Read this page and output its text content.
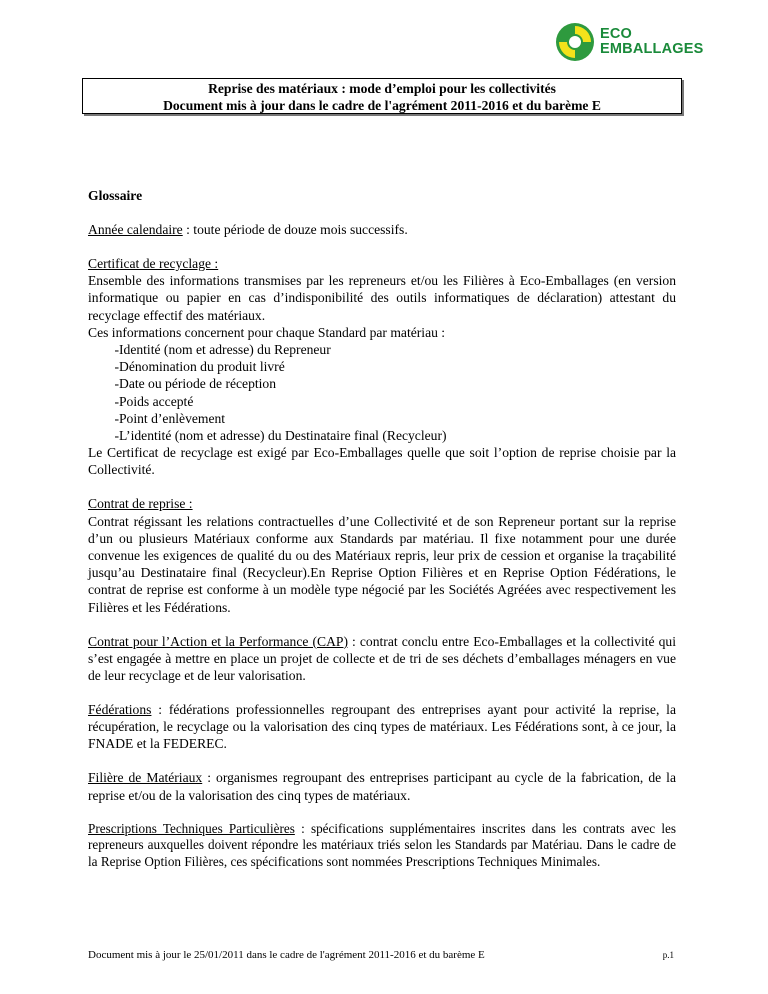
ECO
EMBALLAGES
Reprise des matériaux : mode d’emploi pour les collectivités
Document mis à jour dans le cadre de l'agrément 2011-2016 et du barème E

Glossaire

Année calendaire : toute période de douze mois successifs.

Certificat de recyclage :

Ensemble des informations transmises par les repreneurs et/ou les Filières à Eco-Emballages (en version informatique ou papier en cas d’indisponibilité des outils informatiques de déclaration) attestant du recyclage effectif des matériaux.

Ces informations concernent pour chaque Standard par matériau :

- Identité (nom et adresse) du Repreneur
- Dénomination du produit livré
- Date ou période de réception
- Poids accepté
- Point d’enlèvement
- L’identité (nom et adresse) du Destinataire final (Recycleur)

Le Certificat de recyclage est exigé par Eco-Emballages quelle que soit l’option de reprise choisie par la Collectivité.

Contrat de reprise :

Contrat régissant les relations contractuelles d’une Collectivité et de son Repreneur portant sur la reprise d’un ou plusieurs Matériaux conforme aux Standards par matériau. Il fixe notamment pour une durée convenue les exigences de qualité du ou des Matériaux repris, leur prix de cession et organise la traçabilité jusqu’au Destinataire final (Recycleur).En Reprise Option Filières et en Reprise Option Fédérations, le contrat de reprise est conforme à un modèle type négocié par les Sociétés Agréées avec respectivement les Filières et les Fédérations.

Contrat pour l’Action et la Performance (CAP) : contrat conclu entre Eco-Emballages et la collectivité qui s’est engagée à mettre en place un projet de collecte et de tri de ses déchets d’emballages ménagers en vue de leur recyclage et de leur valorisation.

Fédérations : fédérations professionnelles regroupant des entreprises ayant pour activité la reprise, la récupération, le recyclage ou la valorisation des cinq types de matériaux. Les Fédérations sont, à ce jour, la FNADE et la FEDEREC.

Filière de Matériaux : organismes regroupant des entreprises participant au cycle de la fabrication, de la reprise et/ou de la valorisation des cinq types de matériaux.

Prescriptions Techniques Particulières : spécifications supplémentaires inscrites dans les contrats avec les repreneurs auxquelles doivent répondre les matériaux triés selon les Standards par Matériau. Dans le cadre de la Reprise Option Filières, ces spécifications sont nommées Prescriptions Techniques Minimales.

Document mis à jour le 25/01/2011 dans le cadre de l'agrément 2011-2016 et du barème E	p.1
